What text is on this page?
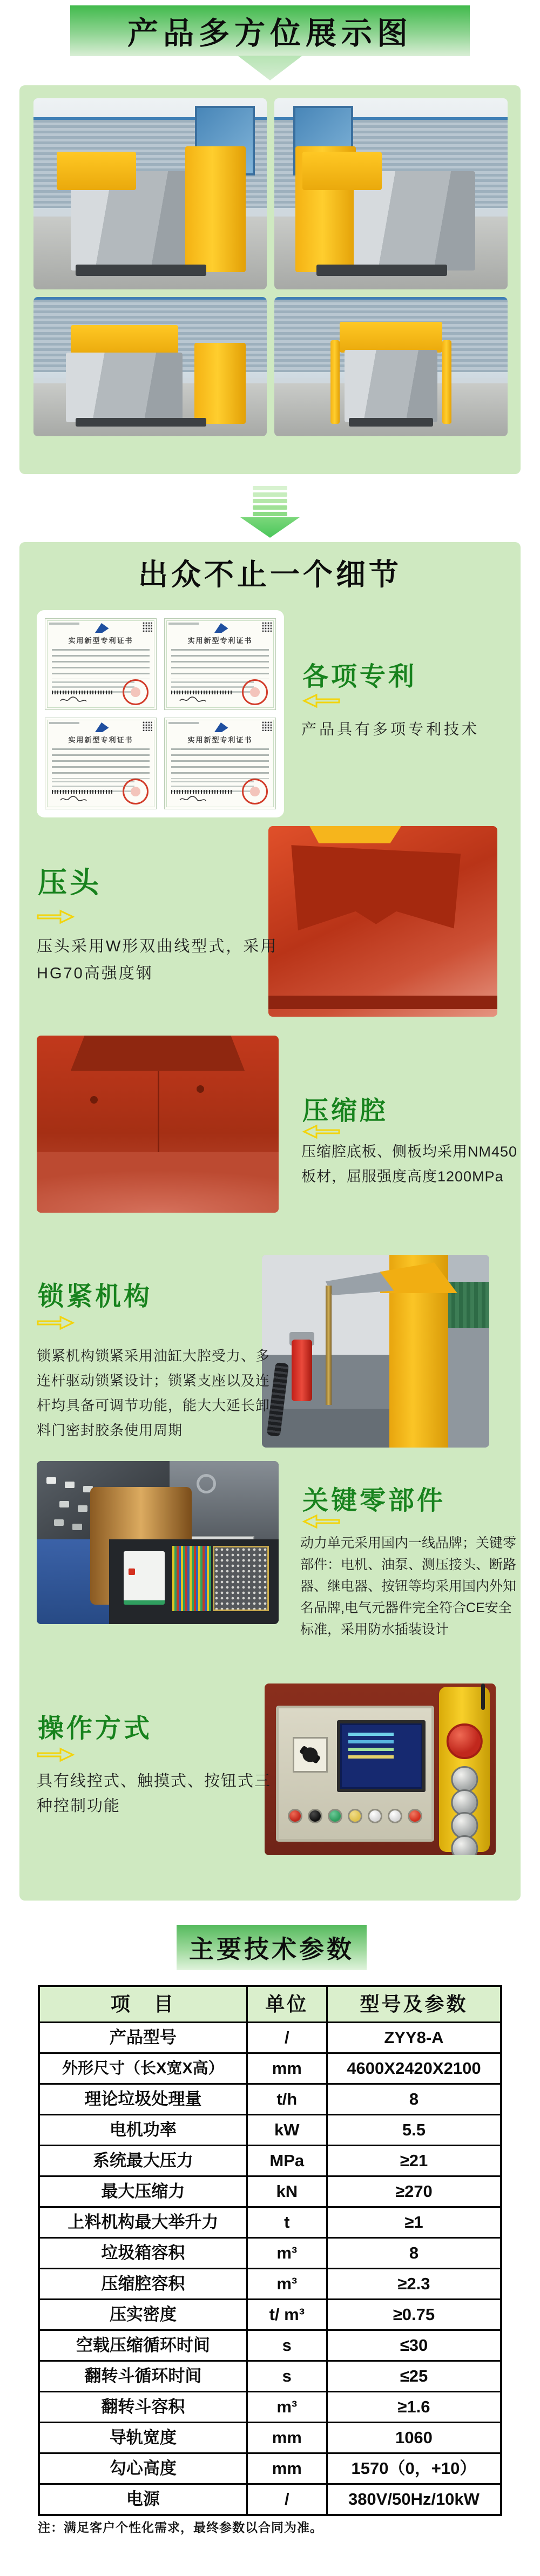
产品多方位展示图
出众不止一个细节
实用新型专利证书	实用新型专利证书
实用新型专利证书	实用新型专利证书
各项专利
产品具有多项专利技术
压头
压头采用W形双曲线型式，采用HG70高强度钢
压缩腔
压缩腔底板、侧板均采用NM450板材，屈服强度高度1200MPa
锁紧机构
锁紧机构锁紧采用油缸大腔受力、多连杆驱动锁紧设计；锁紧支座以及连杆均具备可调节功能，能大大延长卸料门密封胶条使用周期
关键零部件
动力单元采用国内一线品牌；关键零部件：电机、油泵、测压接头、断路器、继电器、按钮等均采用国内外知名品牌,电气元器件完全符合CE安全标准，采用防水插装设计
操作方式
具有线控式、触摸式、按钮式三种控制功能
主要技术参数
项　目	单位	型号及参数
产品型号	/	ZYY8-A
外形尺寸（长X宽X高）	mm	4600X2420X2100
理论垃圾处理量	t/h	8
电机功率	kW	5.5
系统最大压力	MPa	≥21
最大压缩力	kN	≥270
上料机构最大举升力	t	≥1
垃圾箱容积	m³	8
压缩腔容积	m³	≥2.3
压实密度	t/ m³	≥0.75
空载压缩循环时间	s	≤30
翻转斗循环时间	s	≤25
翻转斗容积	m³	≥1.6
导轨宽度	mm	1060
勾心高度	mm	1570（0，+10）
电源	/	380V/50Hz/10kW
注：满足客户个性化需求，最终参数以合同为准。
